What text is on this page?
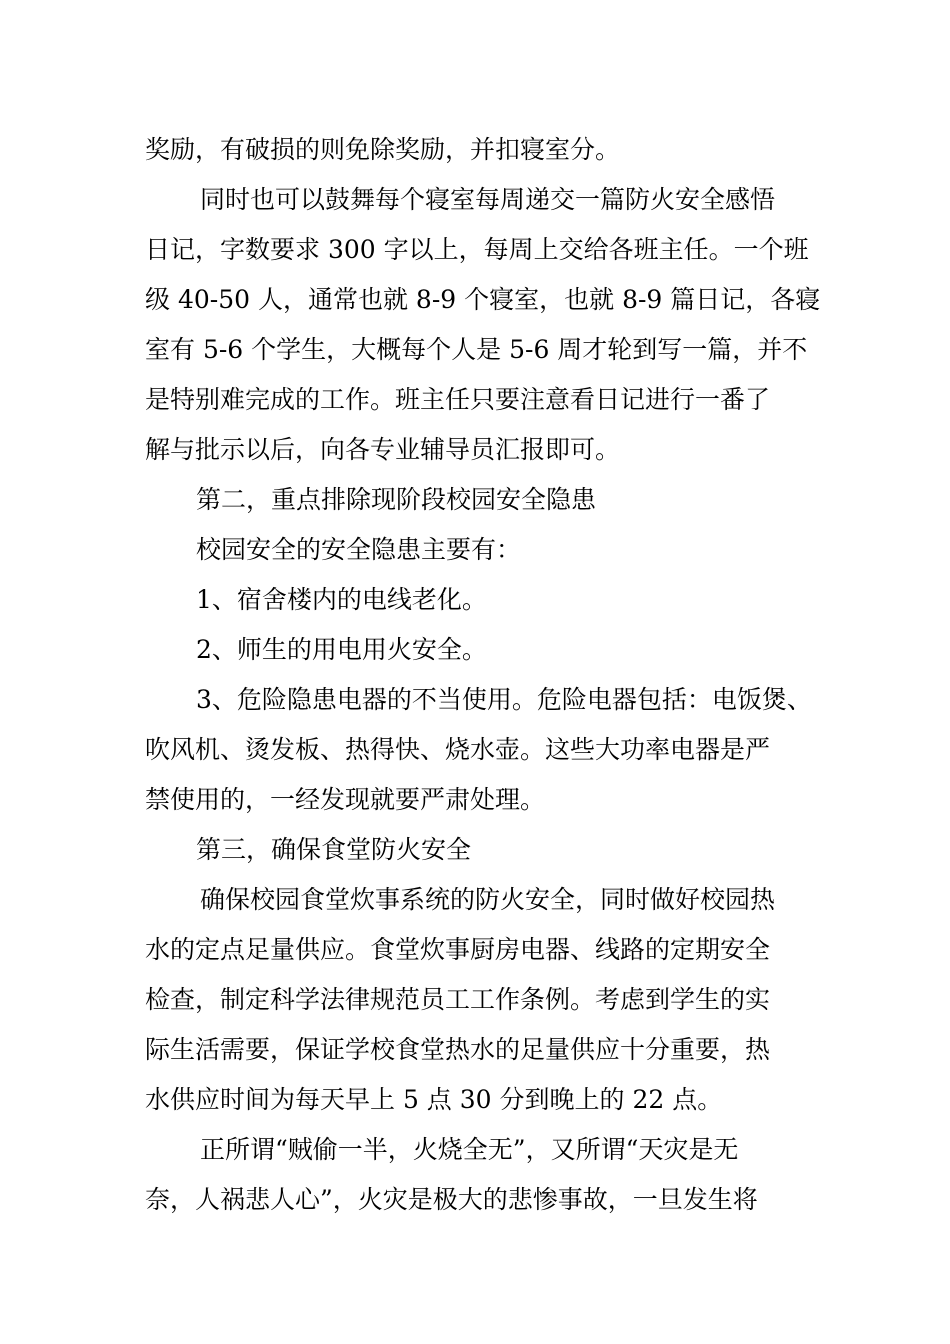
奖励，有破损的则免除奖励，并扣寝室分。
同时也可以鼓舞每个寝室每周递交一篇防火安全感悟
日记，字数要求 300 字以上，每周上交给各班主任。一个班
级 40-50 人，通常也就 8-9 个寝室，也就 8-9 篇日记，各寝
室有 5-6 个学生，大概每个人是 5-6 周才轮到写一篇，并不
是特别难完成的工作。班主任只要注意看日记进行一番了
解与批示以后，向各专业辅导员汇报即可。
第二，重点排除现阶段校园安全隐患
校园安全的安全隐患主要有：
1、宿舍楼内的电线老化。
2、师生的用电用火安全。
3、危险隐患电器的不当使用。危险电器包括：电饭煲、
吹风机、烫发板、热得快、烧水壶。这些大功率电器是严
禁使用的，一经发现就要严肃处理。
第三，确保食堂防火安全
确保校园食堂炊事系统的防火安全，同时做好校园热
水的定点足量供应。食堂炊事厨房电器、线路的定期安全
检查，制定科学法律规范员工工作条例。考虑到学生的实
际生活需要，保证学校食堂热水的足量供应十分重要，热
水供应时间为每天早上 5 点 30 分到晚上的 22 点。
正所谓“贼偷一半，火烧全无”，又所谓“天灾是无
奈，人祸悲人心”，火灾是极大的悲惨事故，一旦发生将
